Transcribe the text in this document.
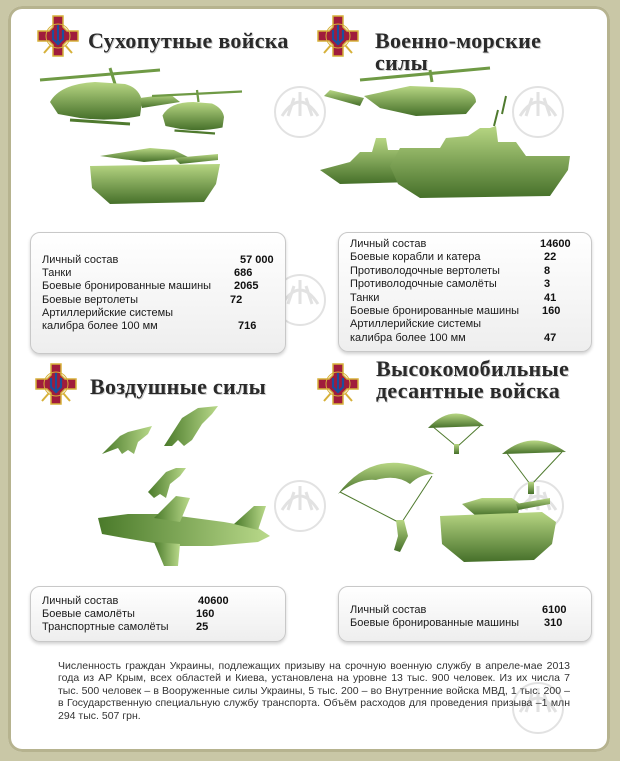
Сухопутные войска
Личный состав	57 000
Танки	686
Боевые бронированные машины 2065
Боевые вертолеты	72
Артиллерийские системы
калибра более 100 мм	716
Военно-морские
силы
Личный состав	14600
Боевые корабли и катера	22
Противолодочные вертолеты	8
Противолодочные самолёты	3
Танки	41
Боевые бронированные машины 160
Артиллерийские системы
калибра более 100 мм	47
Воздушные силы
Личный состав	40600
Боевые самолёты	160
Транспортные самолёты 25
Высокомобильные
десантные войска
Личный состав	6100
Боевые бронированные машины 310
Численность граждан Украины, подлежащих призыву на срочную военную службу в апреле-мае 2013 года из АР Крым, всех областей и Киева, установлена на уровне 13 тыс. 900 человек. Из их числа 7 тыс. 500 человек – в Вооруженные силы Украины, 5 тыс. 200 – во Внутренние войска МВД, 1 тыс. 200 – в Государственную специальную службу транспорта. Объём расходов для проведения призыва –1 млн 294 тыс. 507 грн.
